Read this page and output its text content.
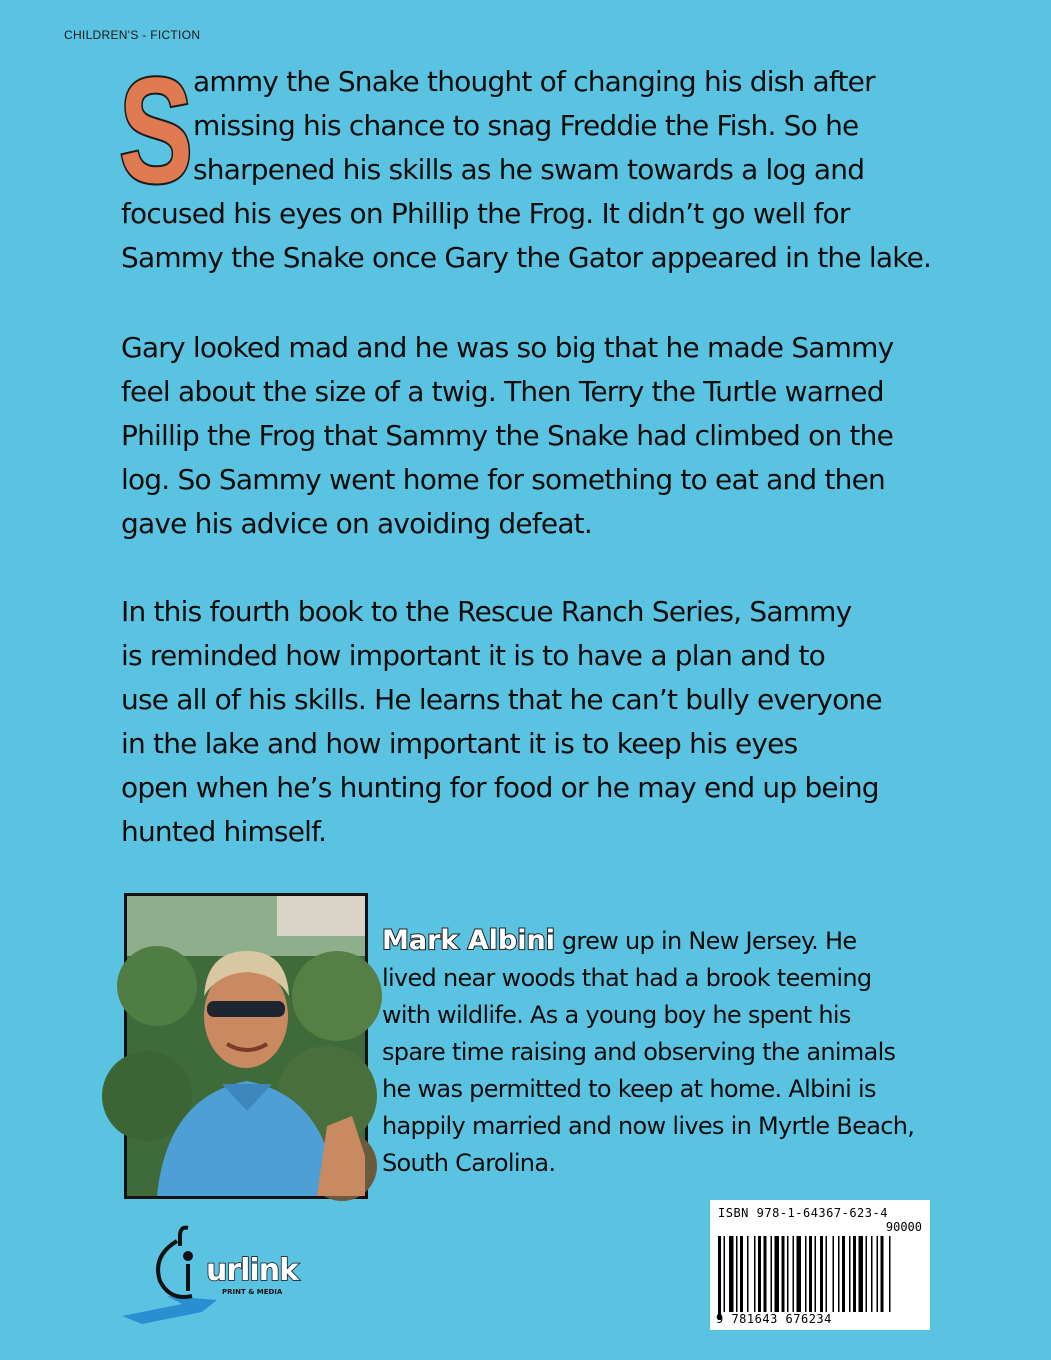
CHILDREN'S - FICTION
S ammy the Snake thought of changing his dish after
missing his chance to snag Freddie the Fish. So he
sharpened his skills as he swam towards a log and
focused his eyes on Phillip the Frog. It didn’t go well for
Sammy the Snake once Gary the Gator appeared in the lake.
Gary looked mad and he was so big that he made Sammy
feel about the size of a twig. Then Terry the Turtle warned
Phillip the Frog that Sammy the Snake had climbed on the
log. So Sammy went home for something to eat and then
gave his advice on avoiding defeat.
In this fourth book to the Rescue Ranch Series, Sammy
is reminded how important it is to have a plan and to
use all of his skills. He learns that he can’t bully everyone
in the lake and how important it is to keep his eyes
open when he’s hunting for food or he may end up being
hunted himself.
Mark Albini grew up in New Jersey. He
lived near woods that had a brook teeming
with wildlife. As a young boy he spent his
spare time raising and observing the animals
he was permitted to keep at home. Albini is
happily married and now lives in Myrtle Beach,
South Carolina.
urlink
PRINT & MEDIA
ISBN 978-1-64367-623-4
90000
9 781643 676234
